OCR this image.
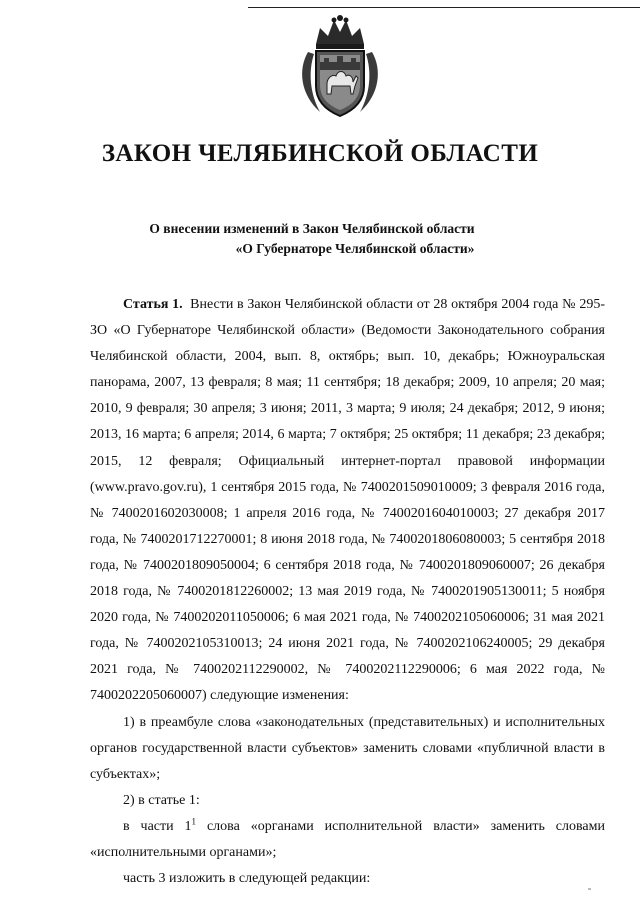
ЗАКОН ЧЕЛЯБИНСКОЙ ОБЛАСТИ
О внесении изменений в Закон Челябинской области
«О Губернаторе Челябинской области»

Статья 1. Внести в Закон Челябинской области от 28 октября 2004 года № 295-ЗО «О Губернаторе Челябинской области» (Ведомости Законодательного собрания Челябинской области, 2004, вып. 8, октябрь; вып. 10, декабрь; Южноуральская панорама, 2007, 13 февраля; 8 мая; 11 сентября; 18 декабря; 2009, 10 апреля; 20 мая; 2010, 9 февраля; 30 апреля; 3 июня; 2011, 3 марта; 9 июля; 24 декабря; 2012, 9 июня; 2013, 16 марта; 6 апреля; 2014, 6 марта; 7 октября; 25 октября; 11 декабря; 23 декабря; 2015, 12 февраля; Официальный интернет-портал правовой информации (www.pravo.gov.ru), 1 сентября 2015 года, № 7400201509010009; 3 февраля 2016 года, № 7400201602030008; 1 апреля 2016 года, № 7400201604010003; 27 декабря 2017 года, № 7400201712270001; 8 июня 2018 года, № 7400201806080003; 5 сентября 2018 года, № 7400201809050004; 6 сентября 2018 года, № 7400201809060007; 26 декабря 2018 года, № 7400201812260002; 13 мая 2019 года, № 7400201905130011; 5 ноября 2020 года, № 7400202011050006; 6 мая 2021 года, № 7400202105060006; 31 мая 2021 года, № 7400202105310013; 24 июня 2021 года, № 7400202106240005; 29 декабря 2021 года, № 7400202112290002, № 7400202112290006; 6 мая 2022 года, № 7400202205060007) следующие изменения:

1) в преамбуле слова «законодательных (представительных) и исполнительных органов государственной власти субъектов» заменить словами «публичной власти в субъектах»;

2) в статье 1:

в части $1^1$ слова «органами исполнительной власти» заменить словами «исполнительными органами»;

часть 3 изложить в следующей редакции:
